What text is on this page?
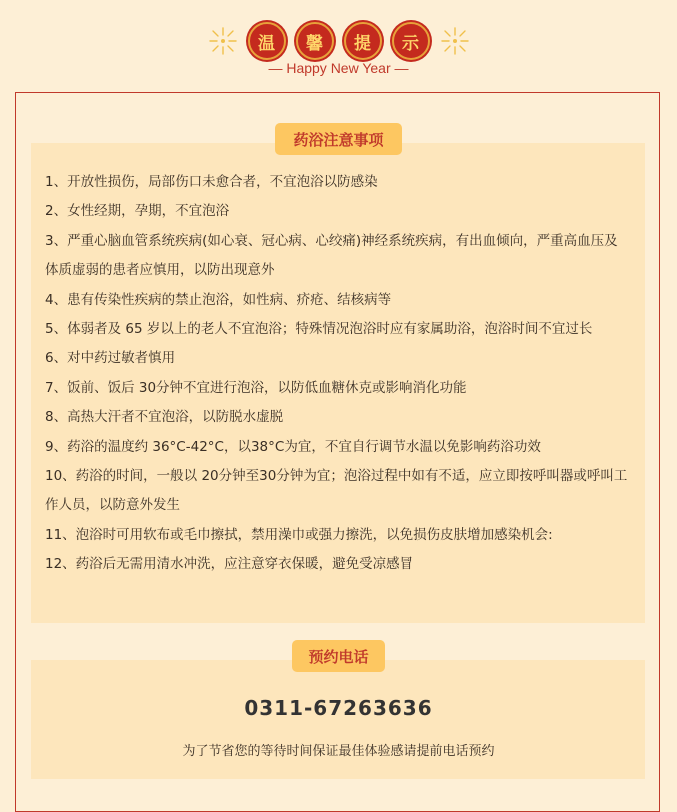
温	馨	提	示
— Happy New Year —
药浴注意事项

1、开放性损伤，局部伤口未愈合者，不宜泡浴以防感染

2、女性经期，孕期，不宜泡浴

3、严重心脑血管系统疾病(如心衰、冠心病、心绞痛)神经系统疾病，有出血倾向，严重高血压及体质虚弱的患者应慎用，以防出现意外

4、患有传染性疾病的禁止泡浴，如性病、疥疮、结核病等

5、体弱者及 65 岁以上的老人不宜泡浴；特殊情况泡浴时应有家属助浴，泡浴时间不宜过长

6、对中药过敏者慎用

7、饭前、饭后 30分钟不宜进行泡浴，以防低血糖休克或影响消化功能

8、高热大汗者不宜泡浴，以防脱水虚脱

9、药浴的温度约 36°C-42°C，以38°C为宜，不宜自行调节水温以免影响药浴功效

10、药浴的时间，一般以 20分钟至30分钟为宜；泡浴过程中如有不适，应立即按呼叫器或呼叫工作人员，以防意外发生

11、泡浴时可用软布或毛巾擦拭，禁用澡巾或强力擦洗，以免损伤皮肤增加感染机会:

12、药浴后无需用清水冲洗，应注意穿衣保暖，避免受凉感冒

预约电话
0311-67263636
为了节省您的等待时间保证最佳体验感请提前电话预约
